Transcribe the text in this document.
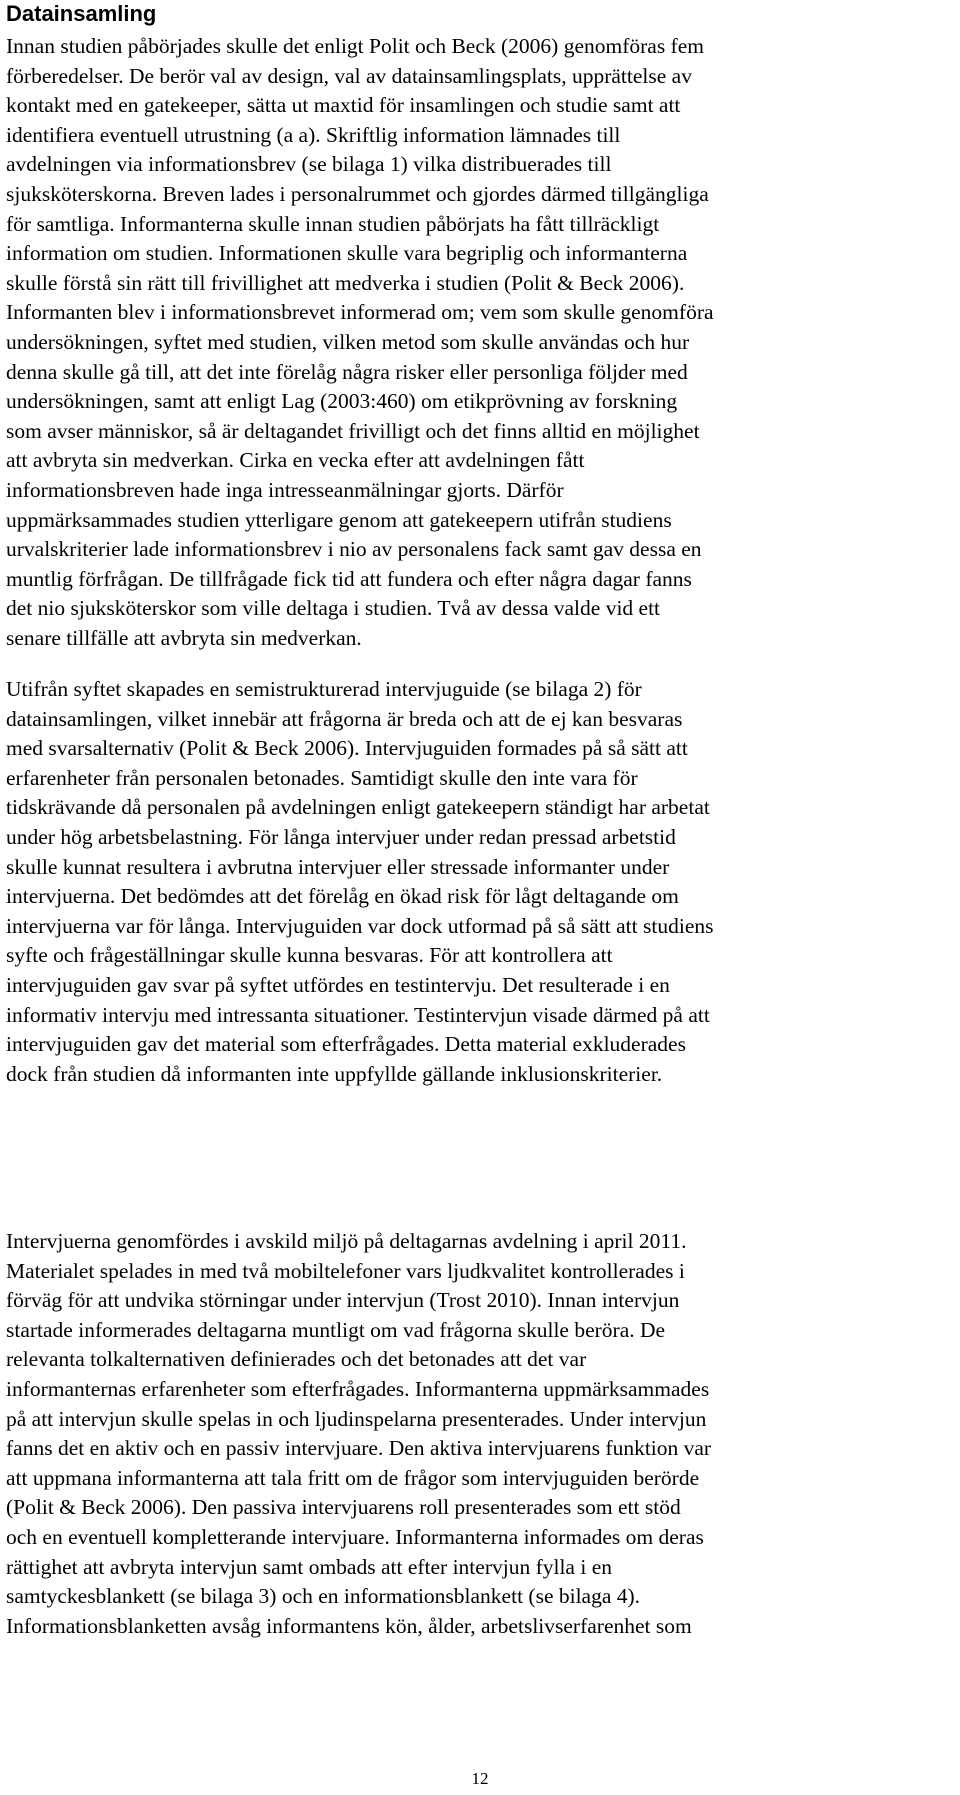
Datainsamling
Innan studien påbörjades skulle det enligt Polit och Beck (2006) genomföras fem
förberedelser. De berör val av design, val av datainsamlingsplats, upprättelse av
kontakt med en gatekeeper, sätta ut maxtid för insamlingen och studie samt att
identifiera eventuell utrustning (a a). Skriftlig information lämnades till
avdelningen via informationsbrev (se bilaga 1) vilka distribuerades till
sjuksköterskorna. Breven lades i personalrummet och gjordes därmed tillgängliga
för samtliga. Informanterna skulle innan studien påbörjats ha fått tillräckligt
information om studien. Informationen skulle vara begriplig och informanterna
skulle förstå sin rätt till frivillighet att medverka i studien (Polit & Beck 2006).
Informanten blev i informationsbrevet informerad om; vem som skulle genomföra
undersökningen, syftet med studien, vilken metod som skulle användas och hur
denna skulle gå till, att det inte förelåg några risker eller personliga följder med
undersökningen, samt att enligt Lag (2003:460) om etikprövning av forskning
som avser människor, så är deltagandet frivilligt och det finns alltid en möjlighet
att avbryta sin medverkan. Cirka en vecka efter att avdelningen fått
informationsbreven hade inga intresseanmälningar gjorts. Därför
uppmärksammades studien ytterligare genom att gatekeepern utifrån studiens
urvalskriterier lade informationsbrev i nio av personalens fack samt gav dessa en
muntlig förfrågan. De tillfrågade fick tid att fundera och efter några dagar fanns
det nio sjuksköterskor som ville deltaga i studien. Två av dessa valde vid ett
senare tillfälle att avbryta sin medverkan.
Utifrån syftet skapades en semistrukturerad intervjuguide (se bilaga 2) för
datainsamlingen, vilket innebär att frågorna är breda och att de ej kan besvaras
med svarsalternativ (Polit & Beck 2006). Intervjuguiden formades på så sätt att
erfarenheter från personalen betonades. Samtidigt skulle den inte vara för
tidskrävande då personalen på avdelningen enligt gatekeepern ständigt har arbetat
under hög arbetsbelastning. För långa intervjuer under redan pressad arbetstid
skulle kunnat resultera i avbrutna intervjuer eller stressade informanter under
intervjuerna. Det bedömdes att det förelåg en ökad risk för lågt deltagande om
intervjuerna var för långa. Intervjuguiden var dock utformad på så sätt att studiens
syfte och frågeställningar skulle kunna besvaras. För att kontrollera att
intervjuguiden gav svar på syftet utfördes en testintervju. Det resulterade i en
informativ intervju med intressanta situationer. Testintervjun visade därmed på att
intervjuguiden gav det material som efterfrågades. Detta material exkluderades
dock från studien då informanten inte uppfyllde gällande inklusionskriterier.
Intervjuerna genomfördes i avskild miljö på deltagarnas avdelning i april 2011.
Materialet spelades in med två mobiltelefoner vars ljudkvalitet kontrollerades i
förväg för att undvika störningar under intervjun (Trost 2010). Innan intervjun
startade informerades deltagarna muntligt om vad frågorna skulle beröra. De
relevanta tolkalternativen definierades och det betonades att det var
informanternas erfarenheter som efterfrågades. Informanterna uppmärksammades
på att intervjun skulle spelas in och ljudinspelarna presenterades. Under intervjun
fanns det en aktiv och en passiv intervjuare. Den aktiva intervjuarens funktion var
att uppmana informanterna att tala fritt om de frågor som intervjuguiden berörde
(Polit & Beck 2006). Den passiva intervjuarens roll presenterades som ett stöd
och en eventuell kompletterande intervjuare. Informanterna informades om deras
rättighet att avbryta intervjun samt ombads att efter intervjun fylla i en
samtyckesblankett (se bilaga 3) och en informationsblankett (se bilaga 4).
Informationsblanketten avsåg informantens kön, ålder, arbetslivserfarenhet som
12
